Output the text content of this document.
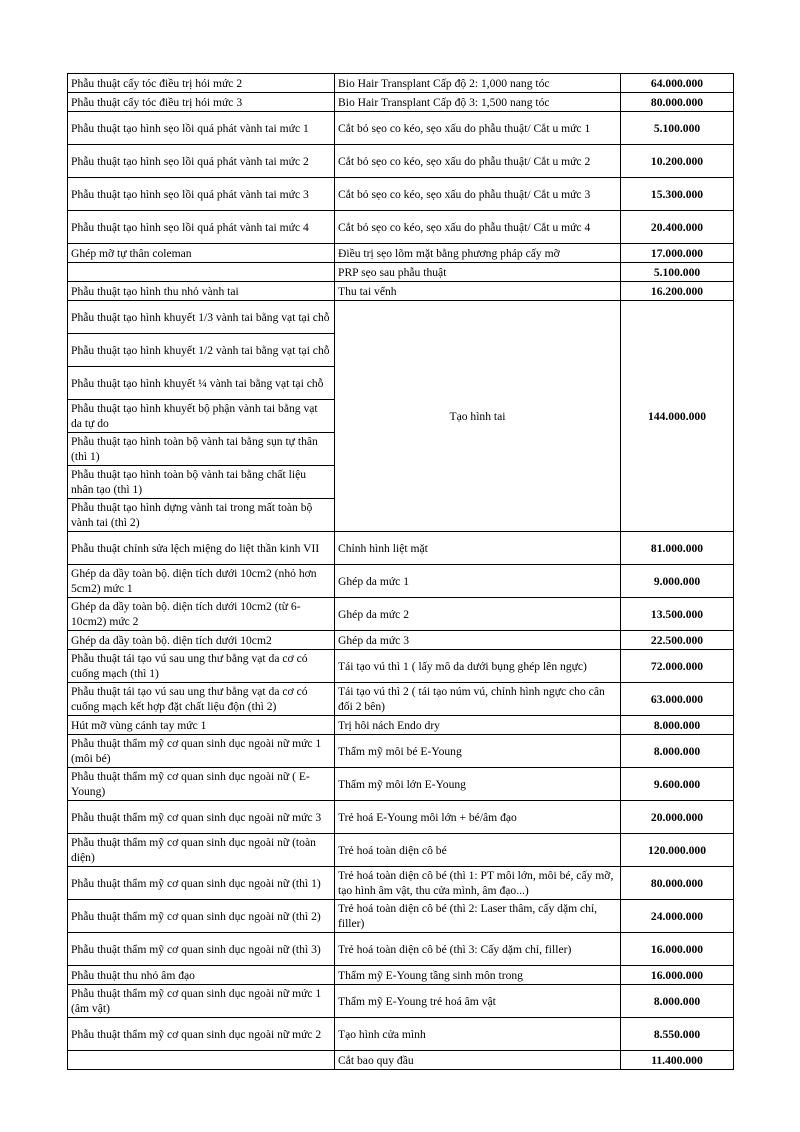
Phẫu thuật cấy tóc điều trị hói mức 2	Bio Hair Transplant Cấp độ 2: 1,000 nang tóc	64.000.000
Phẫu thuật cấy tóc điều trị hói mức 3	Bio Hair Transplant Cấp độ 3: 1,500 nang tóc	80.000.000
Phẫu thuật tạo hình sẹo lồi quá phát vành tai mức 1	Cắt bỏ sẹo co kéo, sẹo xấu do phẫu thuật/ Cắt u mức 1	5.100.000
Phẫu thuật tạo hình sẹo lồi quá phát vành tai mức 2	Cắt bỏ sẹo co kéo, sẹo xấu do phẫu thuật/ Cắt u mức 2	10.200.000
Phẫu thuật tạo hình sẹo lồi quá phát vành tai mức 3	Cắt bỏ sẹo co kéo, sẹo xấu do phẫu thuật/ Cắt u mức 3	15.300.000
Phẫu thuật tạo hình sẹo lồi quá phát vành tai mức 4	Cắt bỏ sẹo co kéo, sẹo xấu do phẫu thuật/ Cắt u mức 4	20.400.000
Ghép mỡ tự thân coleman	Điều trị sẹo lõm mặt bằng phương pháp cấy mỡ	17.000.000
	PRP sẹo sau phẫu thuật	5.100.000
Phẫu thuật tạo hình thu nhỏ vành tai	Thu tai vểnh	16.200.000
Phẫu thuật tạo hình khuyết 1/3 vành tai bằng vạt tại chỗ	Tạo hình tai	144.000.000
Phẫu thuật tạo hình khuyết 1/2 vành tai bằng vạt tại chỗ		
Phẫu thuật tạo hình khuyết ¼ vành tai bằng vạt tại chỗ		
Phẫu thuật tạo hình khuyết bộ phận vành tai bằng vạt da tự do		
Phẫu thuật tạo hình toàn bộ vành tai bằng sụn tự thân (thì 1)		
Phẫu thuật tạo hình toàn bộ vành tai bằng chất liệu nhân tạo (thì 1)		
Phẫu thuật tạo hình dựng vành tai trong mất toàn bộ vành tai (thì 2)		
Phẫu thuật chỉnh sửa lệch miệng do liệt thần kinh VII	Chỉnh hình liệt mặt	81.000.000
Ghép da dầy toàn bộ. diện tích dưới 10cm2 (nhỏ hơn 5cm2) mức 1	Ghép da mức 1	9.000.000
Ghép da dầy toàn bộ. diện tích dưới 10cm2 (từ 6-10cm2) mức 2	Ghép da mức 2	13.500.000
Ghép da dầy toàn bộ. diện tích dưới 10cm2	Ghép da mức 3	22.500.000
Phẫu thuật tái tạo vú sau ung thư bằng vạt da cơ có cuống mạch (thì 1)	Tái tạo vú thì 1 ( lấy mô da dưới bụng ghép lên ngực)	72.000.000
Phẫu thuật tái tạo vú sau ung thư bằng vạt da cơ có cuống mạch kết hợp đặt chất liệu độn (thì 2)	Tái tạo vú thì 2 ( tái tạo núm vú, chỉnh hình ngực cho cân đối 2 bên)	63.000.000
Hút mỡ vùng cánh tay mức 1	Trị hôi nách Endo dry	8.000.000
Phẫu thuật thẩm mỹ cơ quan sinh dục ngoài nữ mức 1 (môi bé)	Thẩm mỹ môi bé E-Young	8.000.000
Phẫu thuật thẩm mỹ cơ quan sinh dục ngoài nữ ( E-Young)	Thẩm mỹ môi lớn E-Young	9.600.000
Phẫu thuật thẩm mỹ cơ quan sinh dục ngoài nữ mức 3	Trẻ hoá E-Young môi lớn + bé/âm đạo	20.000.000
Phẫu thuật thẩm mỹ cơ quan sinh dục ngoài nữ (toàn diện)	Trẻ hoá toàn diện cô bé	120.000.000
Phẫu thuật thẩm mỹ cơ quan sinh dục ngoài nữ (thì 1)	Trẻ hoá toàn diện cô bé (thì 1: PT môi lớn, môi bé, cấy mỡ, tạo hình âm vật, thu cửa mình, âm đạo...)	80.000.000
Phẫu thuật thẩm mỹ cơ quan sinh dục ngoài nữ (thì 2)	Trẻ hoá toàn diện cô bé (thì 2: Laser thâm, cấy dặm chỉ, filler)	24.000.000
Phẫu thuật thẩm mỹ cơ quan sinh dục ngoài nữ (thì 3)	Trẻ hoá toàn diện cô bé (thì 3: Cấy dặm chỉ, filler)	16.000.000
Phẫu thuật thu nhỏ âm đạo	Thẩm mỹ E-Young tầng sinh môn trong	16.000.000
Phẫu thuật thẩm mỹ cơ quan sinh dục ngoài nữ mức 1 (âm vật)	Thẩm mỹ E-Young trẻ hoá âm vật	8.000.000
Phẫu thuật thẩm mỹ cơ quan sinh dục ngoài nữ mức 2	Tạo hình cửa mình	8.550.000
	Cắt bao quy đầu	11.400.000
